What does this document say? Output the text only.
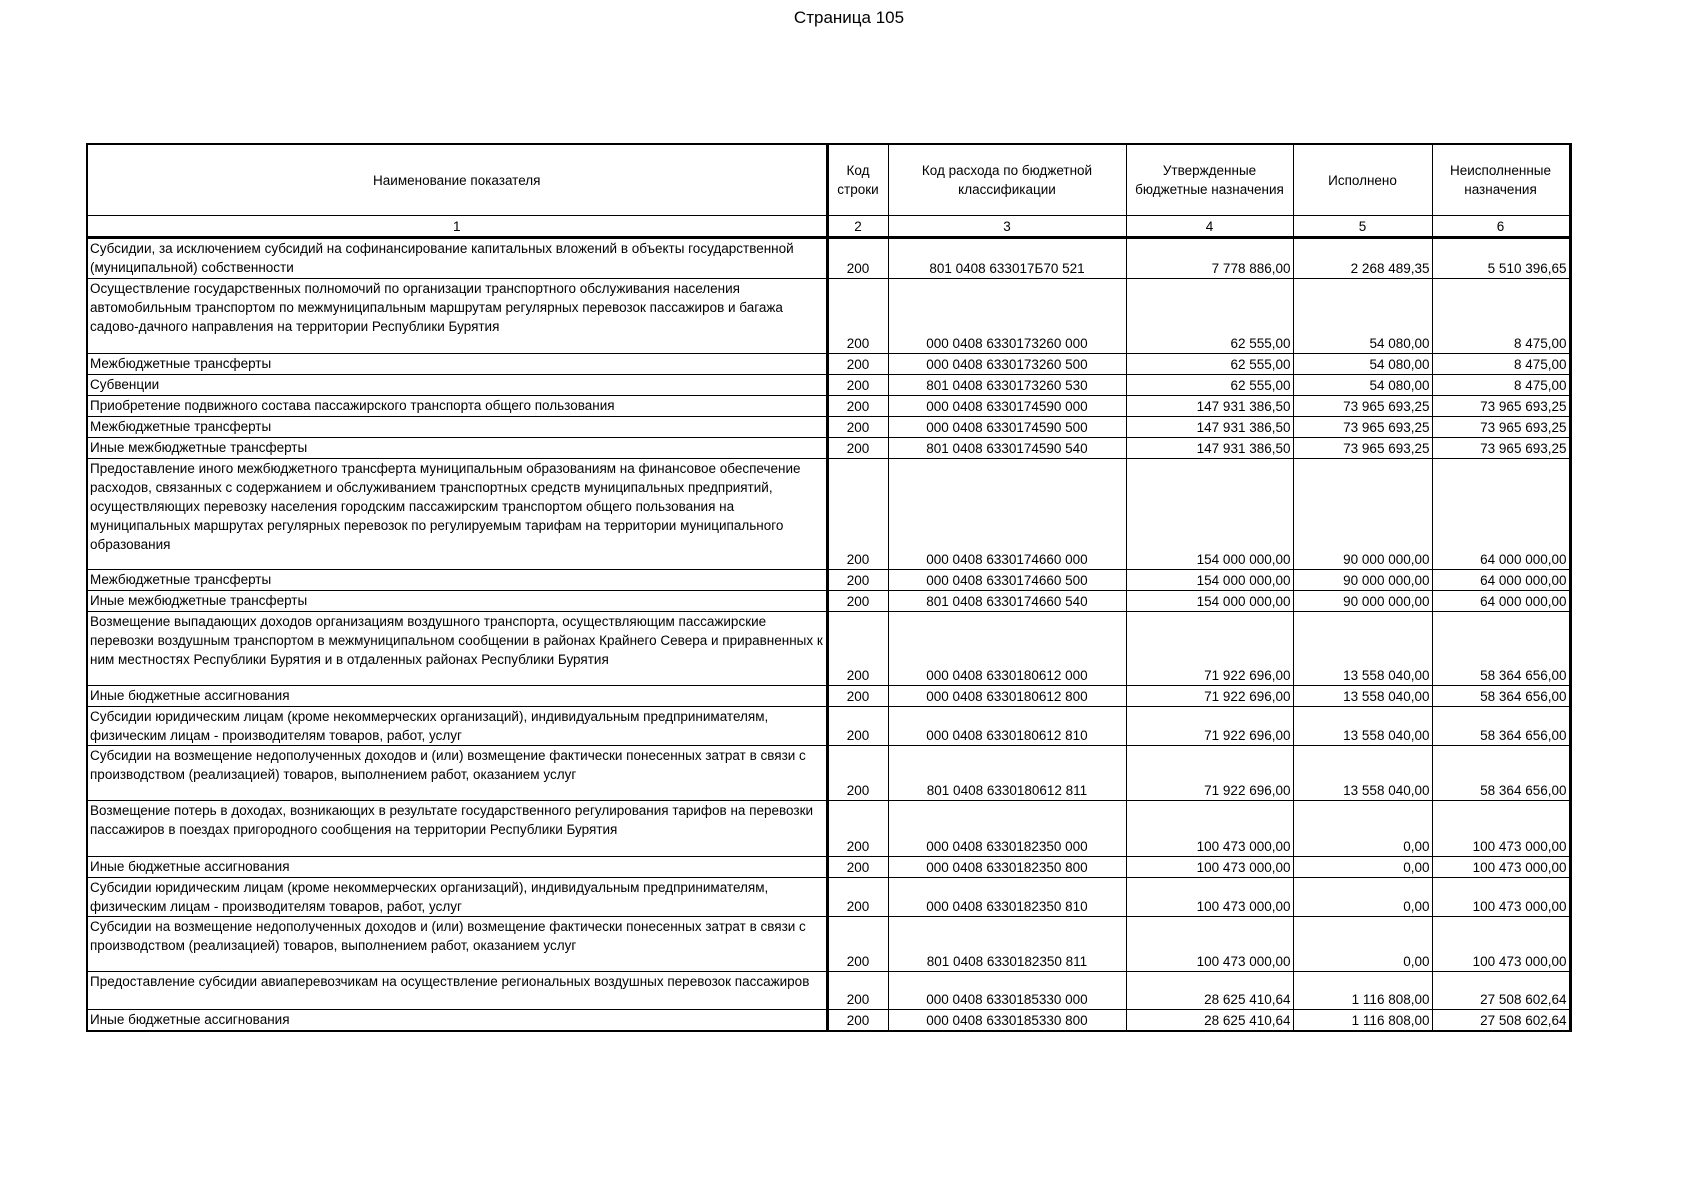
Страница 105
Наименование показателя	Код строки	Код расхода по бюджетной классификации	Утвержденные бюджетные назначения	Исполнено	Неисполненные назначения
1	2	3	4	5	6
Субсидии, за исключением субсидий на софинансирование капитальных вложений в объекты государственной (муниципальной) собственности	200	801 0408 633017Б70 521	7 778 886,00	2 268 489,35	5 510 396,65
Осуществление государственных полномочий по организации транспортного обслуживания населения автомобильным транспортом по межмуниципальным маршрутам регулярных перевозок пассажиров и багажа садово-дачного направления на территории Республики Бурятия	200	000 0408 6330173260 000	62 555,00	54 080,00	8 475,00
Межбюджетные трансферты	200	000 0408 6330173260 500	62 555,00	54 080,00	8 475,00
Субвенции	200	801 0408 6330173260 530	62 555,00	54 080,00	8 475,00
Приобретение подвижного состава пассажирского транспорта общего пользования	200	000 0408 6330174590 000	147 931 386,50	73 965 693,25	73 965 693,25
Межбюджетные трансферты	200	000 0408 6330174590 500	147 931 386,50	73 965 693,25	73 965 693,25
Иные межбюджетные трансферты	200	801 0408 6330174590 540	147 931 386,50	73 965 693,25	73 965 693,25
Предоставление иного межбюджетного трансферта муниципальным образованиям на финансовое обеспечение расходов, связанных с содержанием и обслуживанием транспортных средств муниципальных предприятий, осуществляющих перевозку населения городским пассажирским транспортом общего пользования на муниципальных маршрутах регулярных перевозок по регулируемым тарифам на территории муниципального образования	200	000 0408 6330174660 000	154 000 000,00	90 000 000,00	64 000 000,00
Межбюджетные трансферты	200	000 0408 6330174660 500	154 000 000,00	90 000 000,00	64 000 000,00
Иные межбюджетные трансферты	200	801 0408 6330174660 540	154 000 000,00	90 000 000,00	64 000 000,00
Возмещение выпадающих доходов организациям воздушного транспорта, осуществляющим пассажирские перевозки воздушным транспортом в межмуниципальном сообщении в районах Крайнего Севера и приравненных к ним местностях Республики Бурятия и в отдаленных районах Республики Бурятия	200	000 0408 6330180612 000	71 922 696,00	13 558 040,00	58 364 656,00
Иные бюджетные ассигнования	200	000 0408 6330180612 800	71 922 696,00	13 558 040,00	58 364 656,00
Субсидии юридическим лицам (кроме некоммерческих организаций), индивидуальным предпринимателям, физическим лицам - производителям товаров, работ, услуг	200	000 0408 6330180612 810	71 922 696,00	13 558 040,00	58 364 656,00
Субсидии на возмещение недополученных доходов и (или) возмещение фактически понесенных затрат в связи с производством (реализацией) товаров, выполнением работ, оказанием услуг	200	801 0408 6330180612 811	71 922 696,00	13 558 040,00	58 364 656,00
Возмещение потерь в доходах, возникающих в результате государственного регулирования тарифов на перевозки пассажиров в поездах пригородного сообщения на территории Республики Бурятия	200	000 0408 6330182350 000	100 473 000,00	0,00	100 473 000,00
Иные бюджетные ассигнования	200	000 0408 6330182350 800	100 473 000,00	0,00	100 473 000,00
Субсидии юридическим лицам (кроме некоммерческих организаций), индивидуальным предпринимателям, физическим лицам - производителям товаров, работ, услуг	200	000 0408 6330182350 810	100 473 000,00	0,00	100 473 000,00
Субсидии на возмещение недополученных доходов и (или) возмещение фактически понесенных затрат в связи с производством (реализацией) товаров, выполнением работ, оказанием услуг	200	801 0408 6330182350 811	100 473 000,00	0,00	100 473 000,00
Предоставление субсидии авиаперевозчикам на осуществление региональных воздушных перевозок пассажиров	200	000 0408 6330185330 000	28 625 410,64	1 116 808,00	27 508 602,64
Иные бюджетные ассигнования	200	000 0408 6330185330 800	28 625 410,64	1 116 808,00	27 508 602,64
